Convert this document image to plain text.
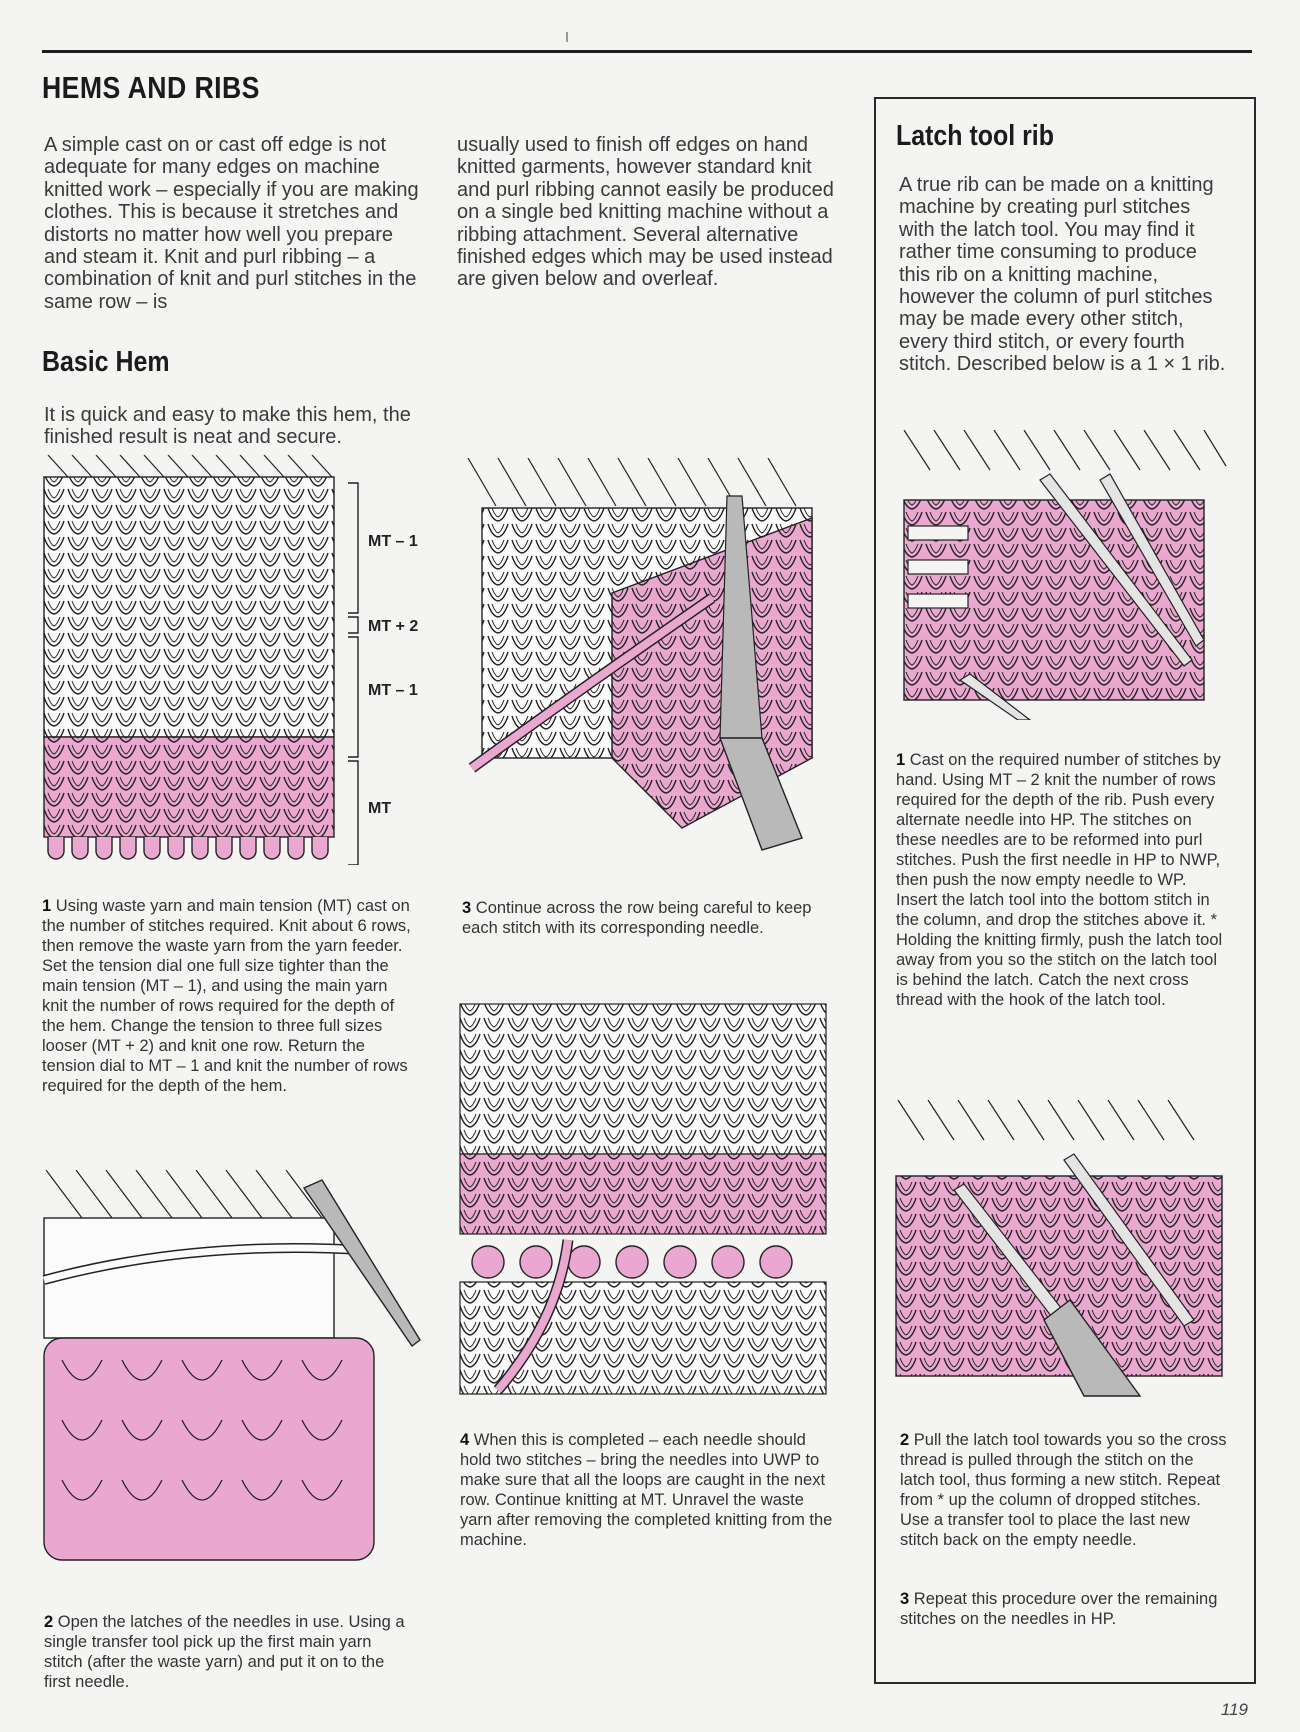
HEMS AND RIBS

A simple cast on or cast off edge is not adequate for many edges on machine knitted work – especially if you are making clothes. This is because it stretches and distorts no matter how well you prepare and steam it. Knit and purl ribbing – a combination of knit and purl stitches in the same row – is

usually used to finish off edges on hand knitted garments, however standard knit and purl ribbing cannot easily be produced on a single bed knitting machine without a ribbing attachment. Several alternative finished edges which may be used instead are given below and overleaf.

Basic Hem

It is quick and easy to make this hem, the finished result is neat and secure.

MT – 1
MT + 2
MT – 1
MT

1 Using waste yarn and main tension (MT) cast on the number of stitches required. Knit about 6 rows, then remove the waste yarn from the yarn feeder. Set the tension dial one full size tighter than the main tension (MT – 1), and using the main yarn knit the number of rows required for the depth of the hem. Change the tension to three full sizes looser (MT + 2) and knit one row. Return the tension dial to MT – 1 and knit the number of rows required for the depth of the hem.

2 Open the latches of the needles in use. Using a single transfer tool pick up the first main yarn stitch (after the waste yarn) and put it on to the first needle.

3 Continue across the row being careful to keep each stitch with its corresponding needle.

4 When this is completed – each needle should hold two stitches – bring the needles into UWP to make sure that all the loops are caught in the next row. Continue knitting at MT. Unravel the waste yarn after removing the completed knitting from the machine.

Latch tool rib

A true rib can be made on a knitting machine by creating purl stitches with the latch tool. You may find it rather time consuming to produce this rib on a knitting machine, however the column of purl stitches may be made every other stitch, every third stitch, or every fourth stitch. Described below is a 1 × 1 rib.

1 Cast on the required number of stitches by hand. Using MT – 2 knit the number of rows required for the depth of the rib. Push every alternate needle into HP. The stitches on these needles are to be reformed into purl stitches. Push the first needle in HP to NWP, then push the now empty needle to WP. Insert the latch tool into the bottom stitch in the column, and drop the stitches above it. * Holding the knitting firmly, push the latch tool away from you so the stitch on the latch tool is behind the latch. Catch the next cross thread with the hook of the latch tool.

2 Pull the latch tool towards you so the cross thread is pulled through the stitch on the latch tool, thus forming a new stitch. Repeat from * up the column of dropped stitches. Use a transfer tool to place the last new stitch back on the empty needle.

3 Repeat this procedure over the remaining stitches on the needles in HP.

119
